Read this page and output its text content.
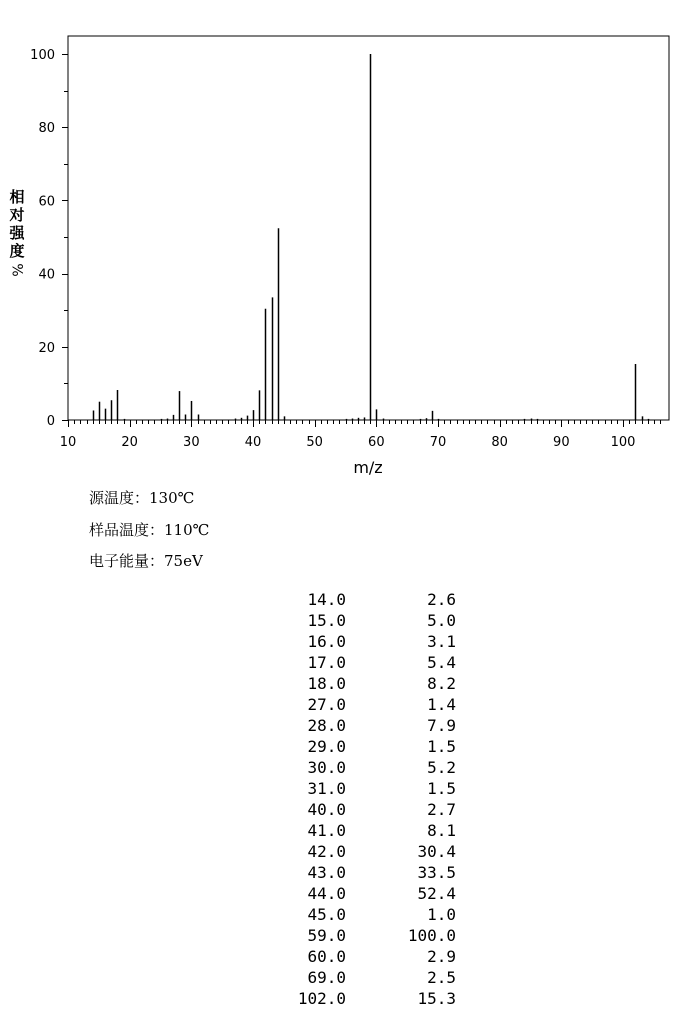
10	20	30	40	50	60	70	80	90	100
0
20
40
60
80
100
m/z
相
对
强
度
%
源温度：130℃
样品温度：110℃
电子能量：75eV
14.0	2.6
15.0	5.0
16.0	3.1
17.0	5.4
18.0	8.2
27.0	1.4
28.0	7.9
29.0	1.5
30.0	5.2
31.0	1.5
40.0	2.7
41.0	8.1
42.0	30.4
43.0	33.5
44.0	52.4
45.0	1.0
59.0	100.0
60.0	2.9
69.0	2.5
102.0	15.3
